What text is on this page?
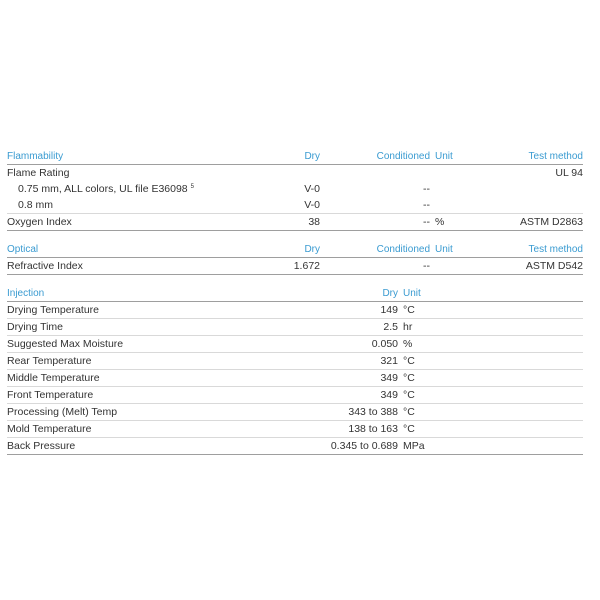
Flammability	Dry	Conditioned	Unit	Test method
Flame Rating				UL 94
0.75 mm, ALL colors, UL file E36098 $^5$	V-0	--		
0.8 mm	V-0	--		
Oxygen Index	38	--	%	ASTM D2863
Optical	Dry	Conditioned	Unit	Test method
Refractive Index	1.672	--		ASTM D542
Injection	Dry	Unit
Drying Temperature	149	°C
Drying Time	2.5	hr
Suggested Max Moisture	0.050	%
Rear Temperature	321	°C
Middle Temperature	349	°C
Front Temperature	349	°C
Processing (Melt) Temp	343 to 388	°C
Mold Temperature	138 to 163	°C
Back Pressure	0.345 to 0.689	MPa
